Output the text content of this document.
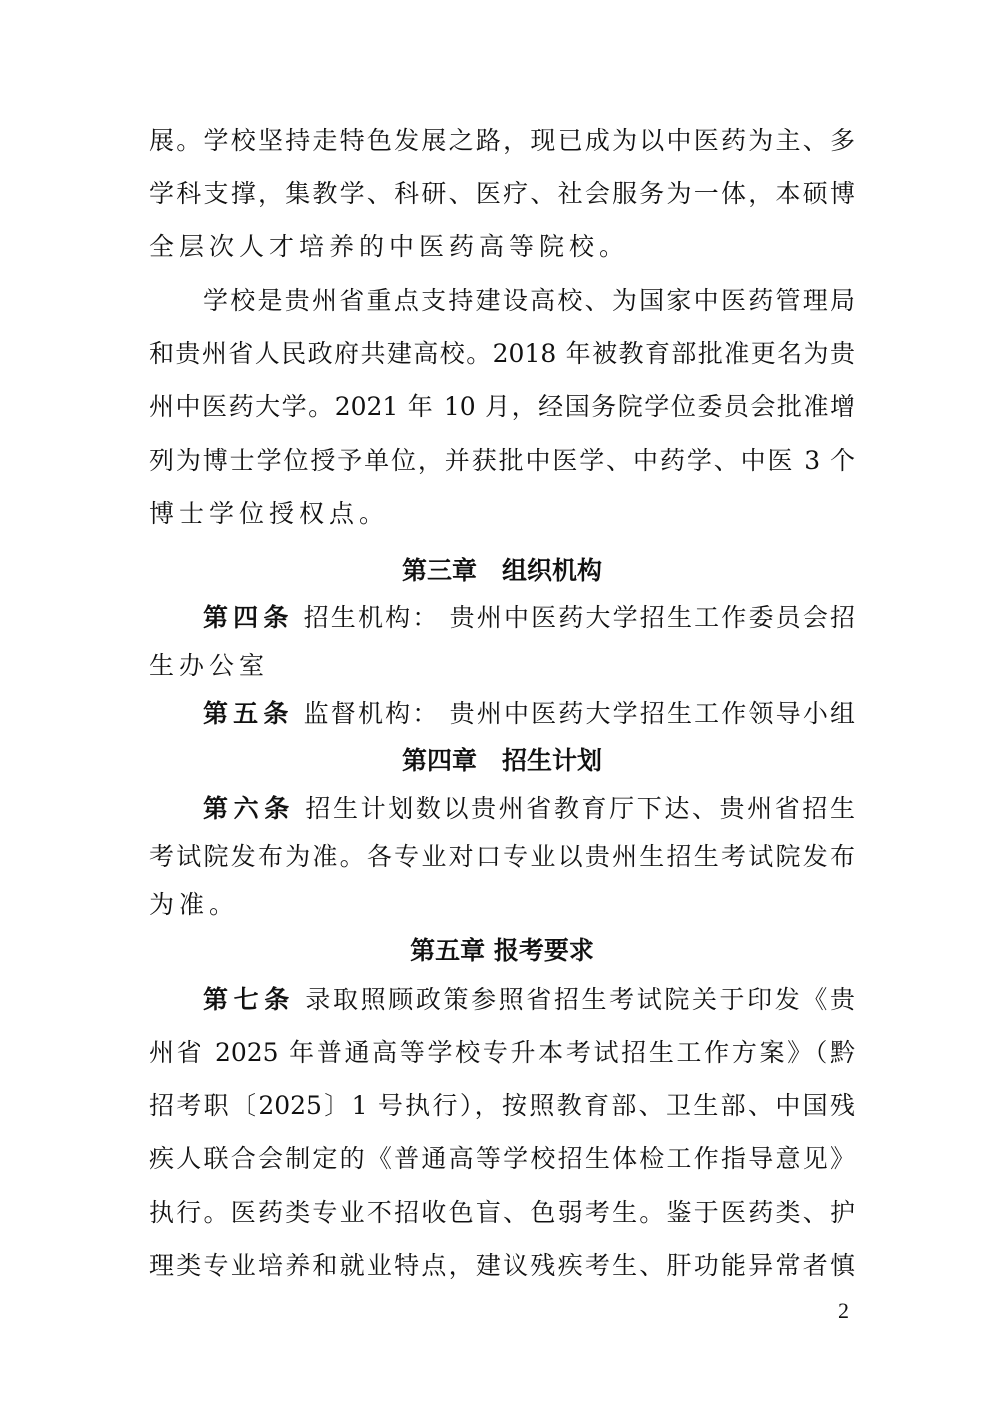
展。学校坚持走特色发展之路，现已成为以中医药为主、多
学科支撑，集教学、科研、医疗、社会服务为一体，本硕博
全层次人才培养的中医药高等院校。
学校是贵州省重点支持建设高校、为国家中医药管理局
和贵州省人民政府共建高校。2018 年被教育部批准更名为贵
州中医药大学。2021 年 10 月，经国务院学位委员会批准增
列为博士学位授予单位，并获批中医学、中药学、中医 3 个
博士学位授权点。
第三章　组织机构
第四条 招生机构： 贵州中医药大学招生工作委员会招
生办公室
第五条 监督机构： 贵州中医药大学招生工作领导小组
第四章　招生计划
第六条 招生计划数以贵州省教育厅下达、贵州省招生
考试院发布为准。各专业对口专业以贵州生招生考试院发布
为准。
第五章 报考要求
第七条 录取照顾政策参照省招生考试院关于印发《贵
州省 2025 年普通高等学校专升本考试招生工作方案》（黔
招考职〔2025〕1 号执行），按照教育部、卫生部、中国残
疾人联合会制定的《普通高等学校招生体检工作指导意见》
执行。医药类专业不招收色盲、色弱考生。鉴于医药类、护
理类专业培养和就业特点，建议残疾考生、肝功能异常者慎
2
